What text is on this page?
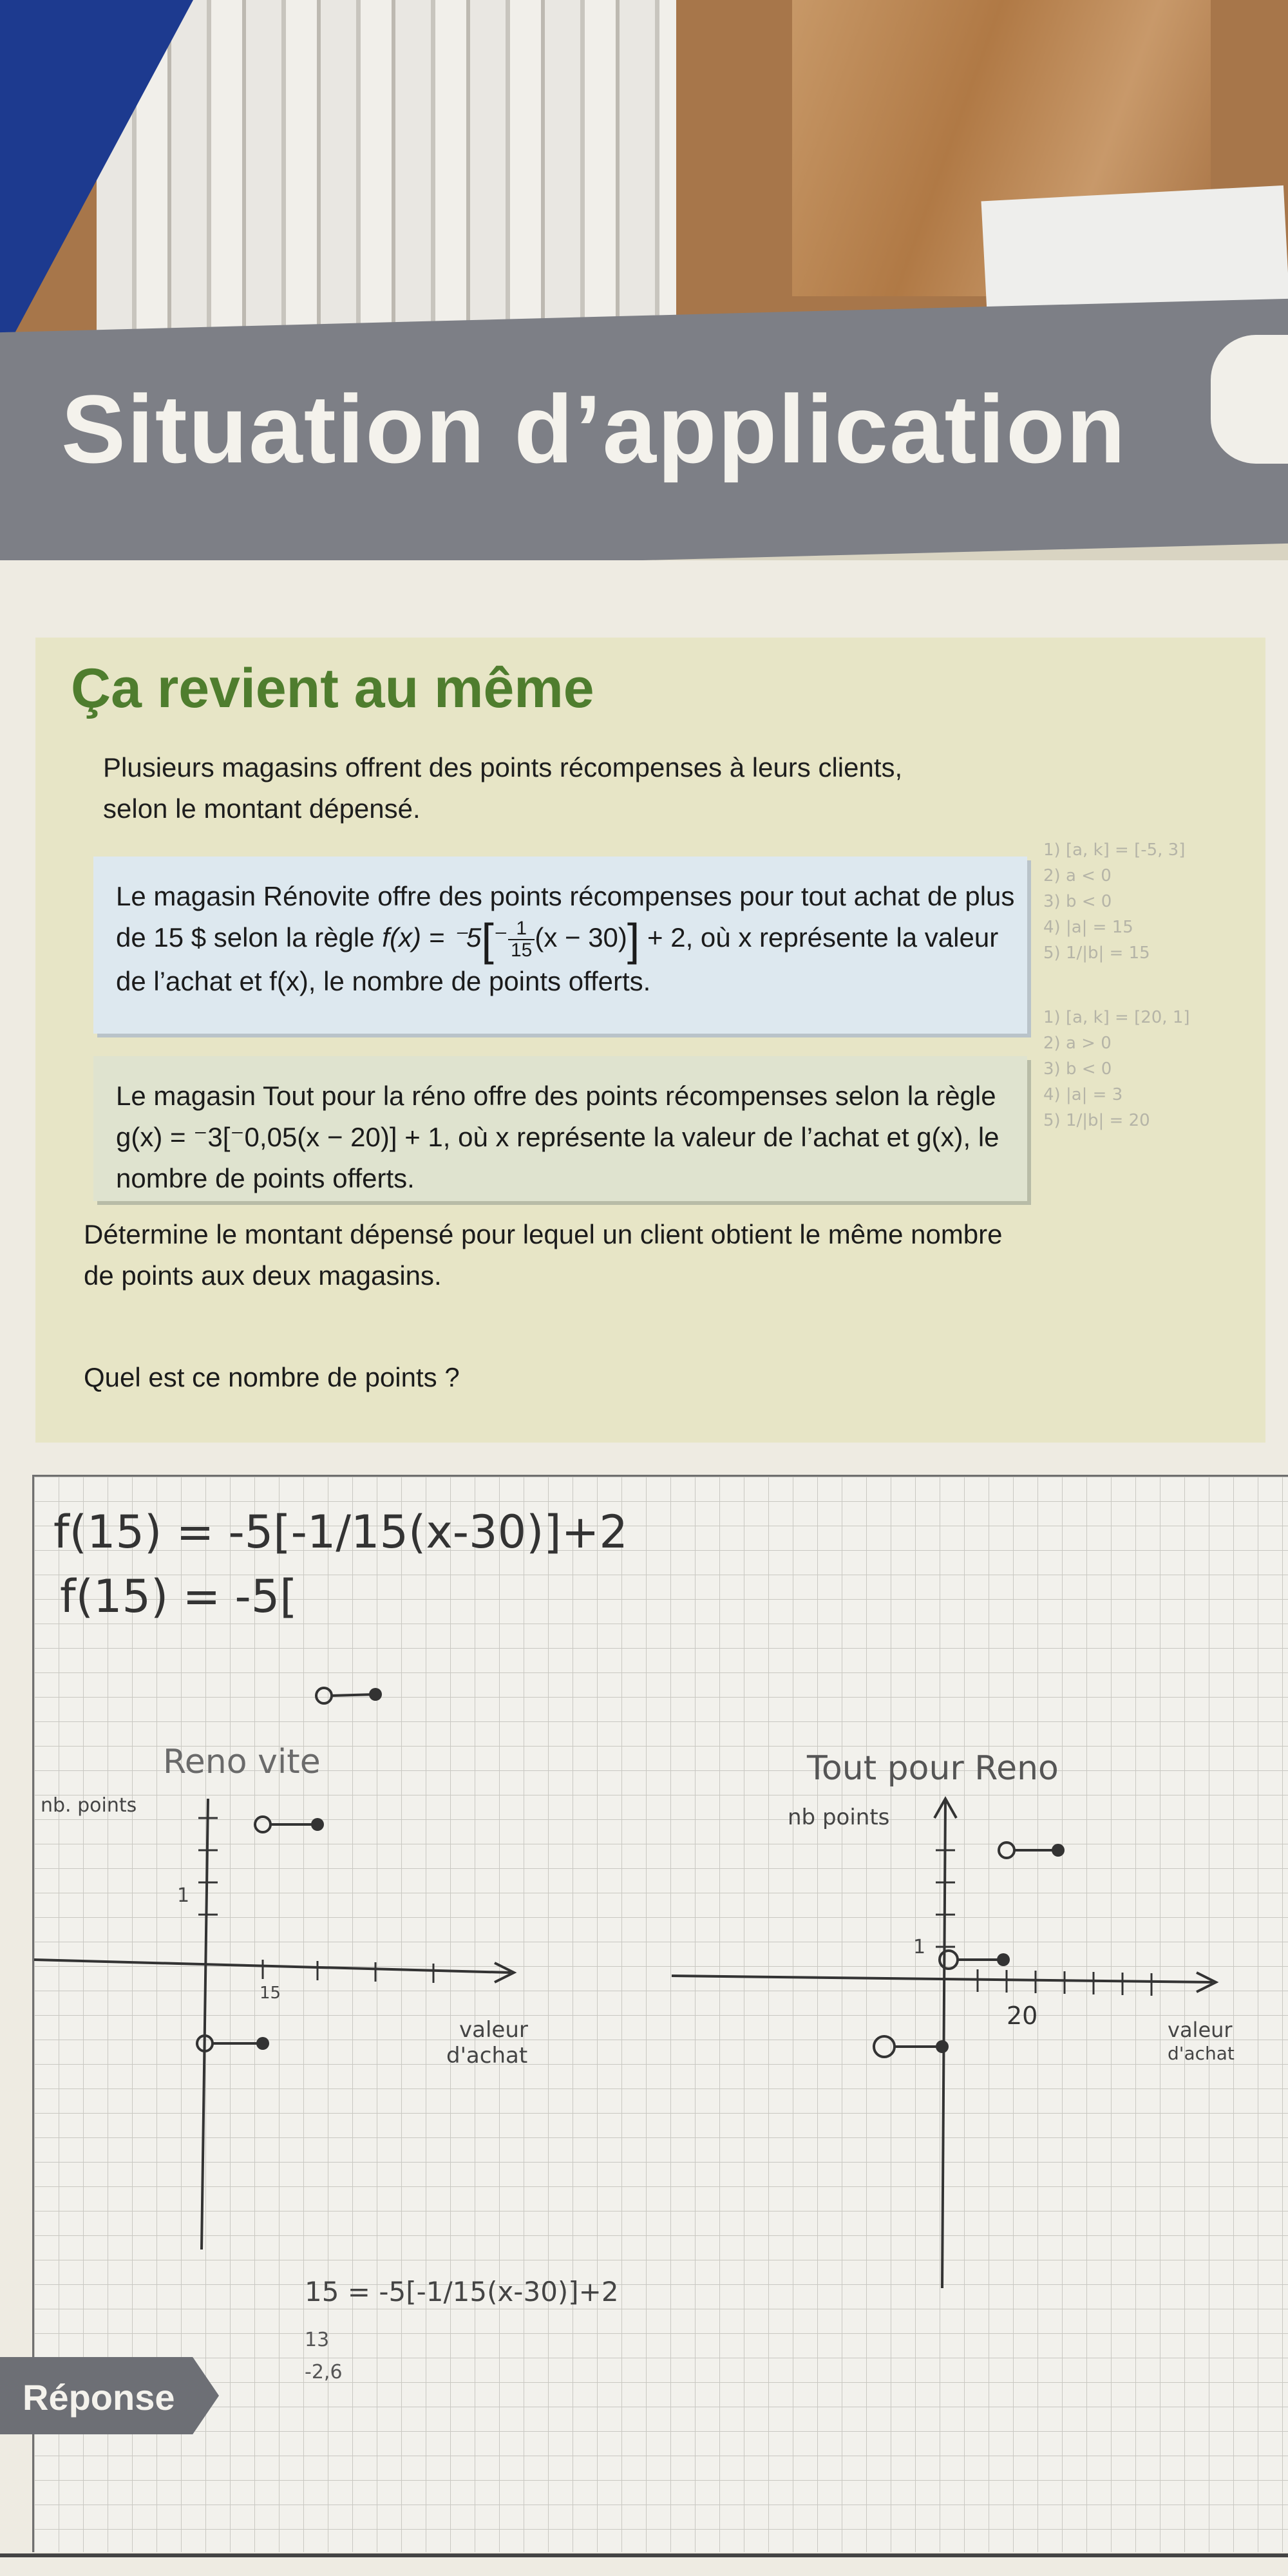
Situation d’application
Ça revient au même
Plusieurs magasins offrent des points récompenses à leurs clients, selon le montant dépensé.
Le magasin Rénovite offre des points récompenses pour tout achat de plus de 15 $ selon la règle $f(x) = ^-5[^- \frac{1}{15} (x - 30)] + 2$, où x représente la valeur de l’achat et f(x), le nombre de points offerts.
Le magasin Tout pour la réno offre des points récompenses selon la règle g(x) = ⁻3[⁻0,05(x − 20)] + 1, où x représente la valeur de l’achat et g(x), le nombre de points offerts.
Détermine le montant dépensé pour lequel un client obtient le même nombre de points aux deux magasins.
Quel est ce nombre de points ?
1) [a, k] = [-5, 3]
2) a < 0
3) b < 0
4) |a| = 15
5) 1/|b| = 15
1) [a, k] = [20, 1]
2) a > 0
3) b < 0
4) |a| = 3
5) 1/|b| = 20
f(15) = -5[-1/15(x-30)]+2
f(15) = -5[
Reno vite
nb. points
15
1
valeur
d'achat
Tout pour Reno
nb points
20
1
valeur
d'achat
15 = -5[-1/15(x-30)]+2
13
-2,6
Réponse
